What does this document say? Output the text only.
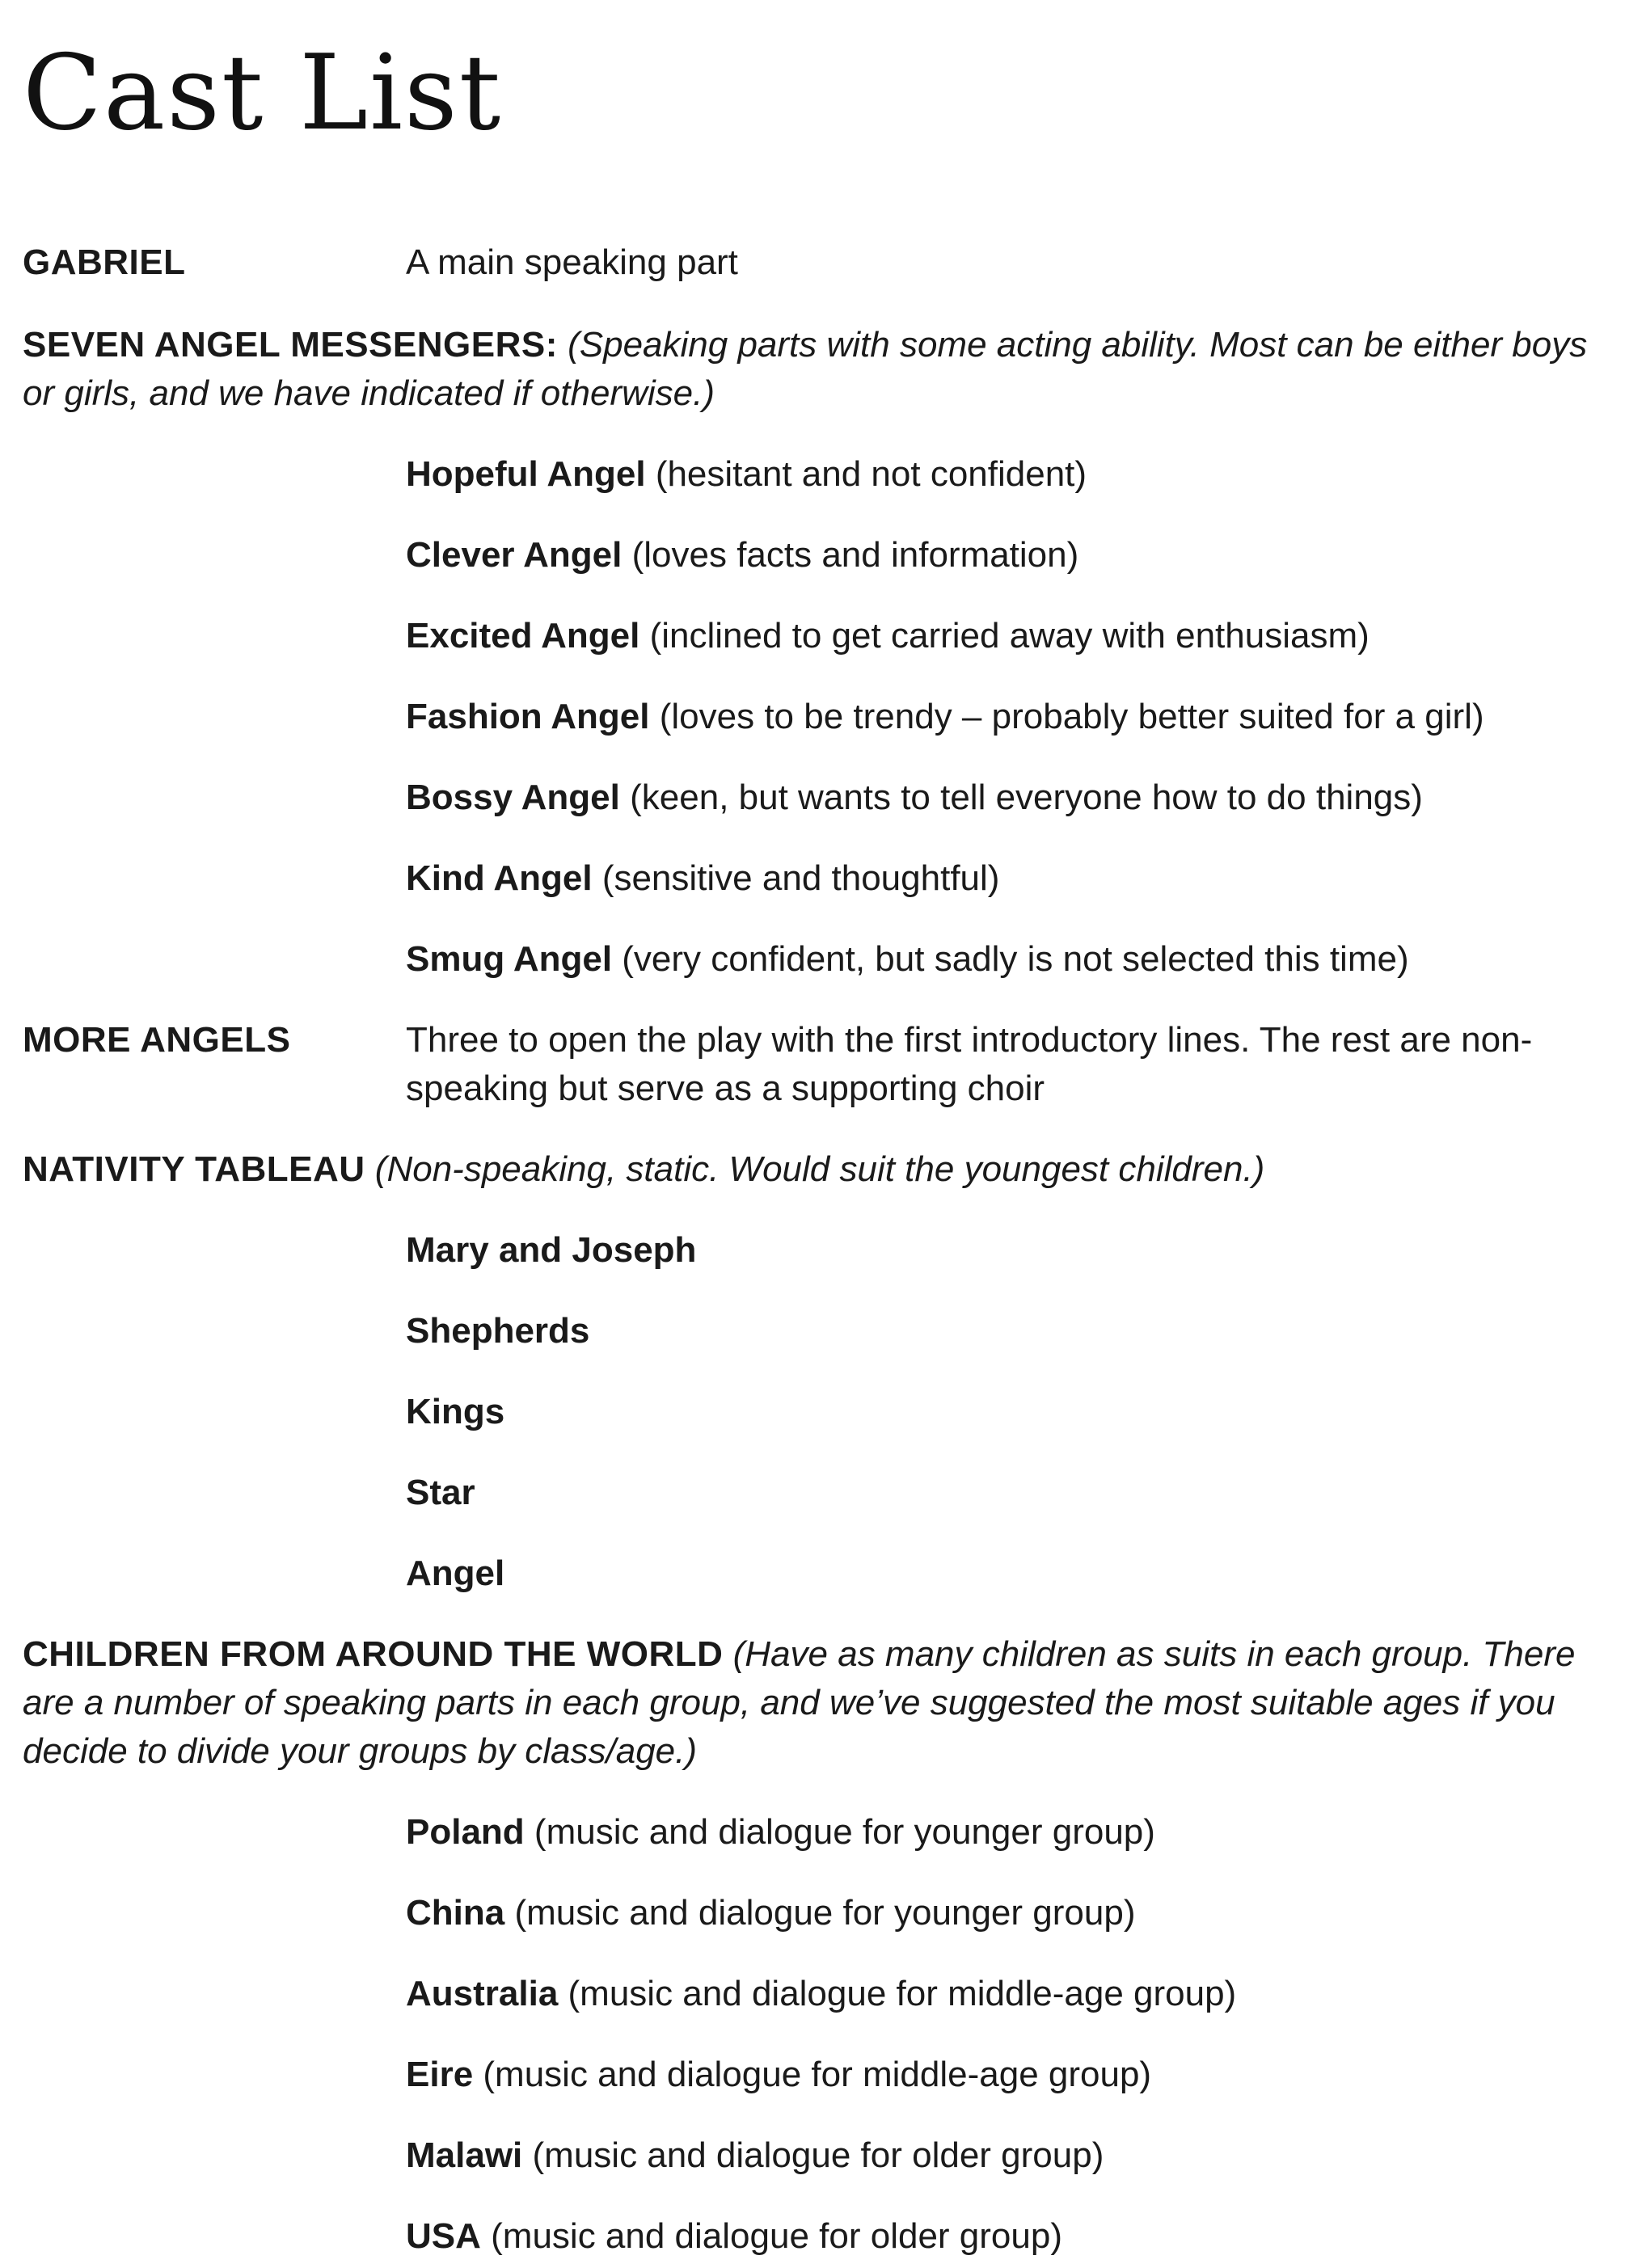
Cast List
GABRIEL	A main speaking part

SEVEN ANGEL MESSENGERS: (Speaking parts with some acting ability. Most can be either boys or girls, and we have indicated if otherwise.)

Hopeful Angel (hesitant and not confident)
Clever Angel (loves facts and information)
Excited Angel (inclined to get carried away with enthusiasm)
Fashion Angel (loves to be trendy – probably better suited for a girl)
Bossy Angel (keen, but wants to tell everyone how to do things)
Kind Angel (sensitive and thoughtful)
Smug Angel (very confident, but sadly is not selected this time)
MORE ANGELS	Three to open the play with the first introductory lines. The rest are non-speaking but serve as a supporting choir

NATIVITY TABLEAU (Non-speaking, static. Would suit the youngest children.)

Mary and Joseph
Shepherds
Kings
Star
Angel

CHILDREN FROM AROUND THE WORLD (Have as many children as suits in each group. There are a number of speaking parts in each group, and we’ve suggested the most suitable ages if you decide to divide your groups by class/age.)

Poland (music and dialogue for younger group)
China (music and dialogue for younger group)
Australia (music and dialogue for middle-age group)
Eire (music and dialogue for middle-age group)
Malawi (music and dialogue for older group)
USA (music and dialogue for older group)
